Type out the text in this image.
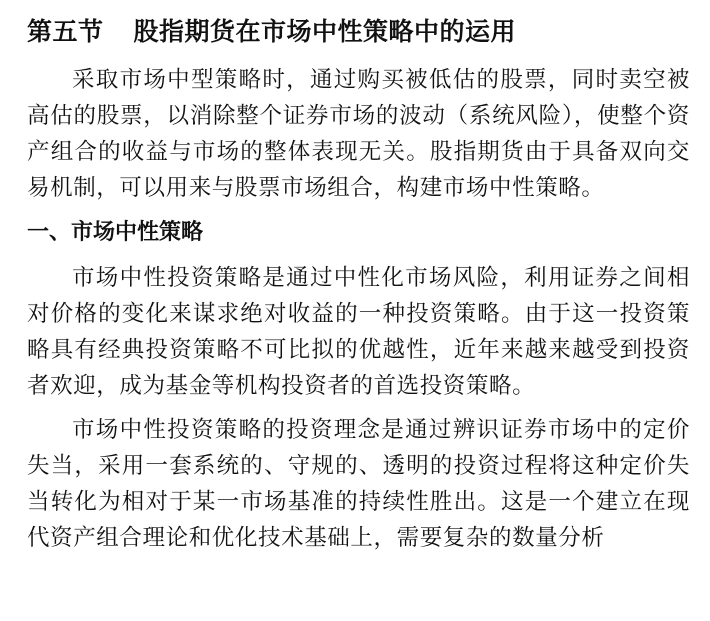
第五节 股指期货在市场中性策略中的运用

采取市场中型策略时，通过购买被低估的股票，同时卖空被高估的股票，以消除整个证券市场的波动（系统风险），使整个资产组合的收益与市场的整体表现无关。股指期货由于具备双向交易机制，可以用来与股票市场组合，构建市场中性策略。

一、市场中性策略

市场中性投资策略是通过中性化市场风险，利用证券之间相对价格的变化来谋求绝对收益的一种投资策略。由于这一投资策略具有经典投资策略不可比拟的优越性，近年来越来越受到投资者欢迎，成为基金等机构投资者的首选投资策略。

市场中性投资策略的投资理念是通过辨识证券市场中的定价失当，采用一套系统的、守规的、透明的投资过程将这种定价失当转化为相对于某一市场基准的持续性胜出。这是一个建立在现代资产组合理论和优化技术基础上，需要复杂的数量分析
